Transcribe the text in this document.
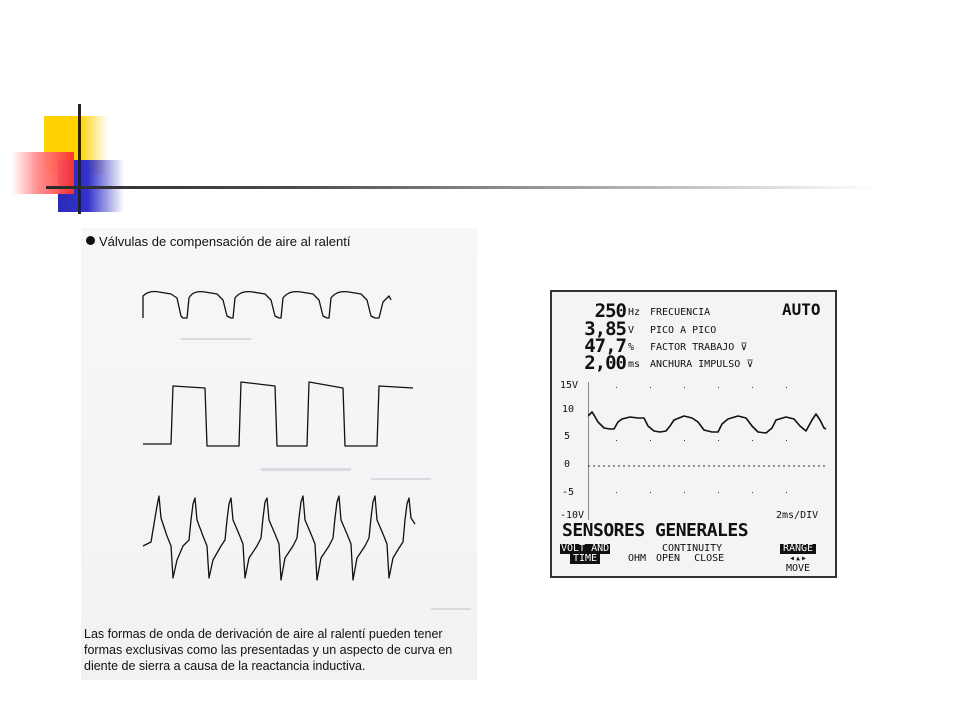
Válvulas de compensación de aire al ralentí
Las formas de onda de derivación de aire al ralentí pueden tener formas exclusivas como las presentadas y un aspecto de curva en diente de sierra a causa de la reactancia inductiva.
250 Hz FRECUENCIA	AUTO
3,85 V PICO A PICO
47,7 % FACTOR TRABAJO ⊽
2,00 ms ANCHURA IMPULSO ⊽
15V
10
5
0
-5
-10V	2ms/DIV
SENSORES GENERALES
VOLT AND
TIME	OHM
CONTINUITY
OPEN CLOSE
RANGE
◂▴▸
MOVE
